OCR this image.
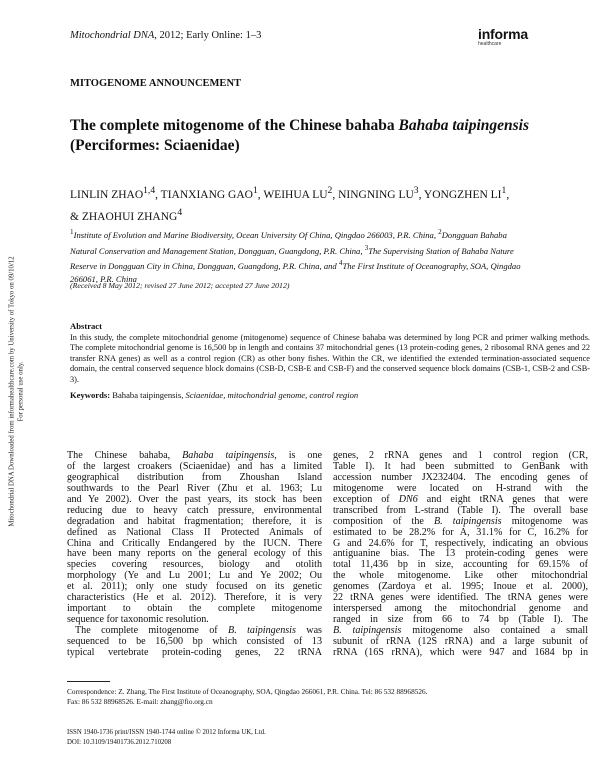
Mitochondrial DNA Downloaded from informahealthcare.com by University of Tokyo on 09/10/12 For personal use only.
Mitochondrial DNA, 2012; Early Online: 1–3	informa
healthcare
MITOGENOME ANNOUNCEMENT
The complete mitogenome of the Chinese bahaba Bahaba taipingensis
(Perciformes: Sciaenidae)
LINLIN ZHAO$^{1,4}$, TIANXIANG GAO$^1$, WEIHUA $LU^2$, NINGNING $LU^3$, YONGZHEN $LI^1$,
& ZHAOHUI ZHANG$^4$
$^1$Institute of Evolution and Marine Biodiversity, Ocean University Of China, Qingdao 266003, P.R. China, $^2$Dongguan Bahaba Natural Conservation and Management Station, Dongguan, Guangdong, P.R. China, $^3$The Supervising Station of Bahaba Nature Reserve in Dongguan City in China, Dongguan, Guangdong, P.R. China, and $^4$The First Institute of Oceanography, SOA, Qingdao 266061, P.R. China
(Received 8 May 2012; revised 27 June 2012; accepted 27 June 2012)
Abstract
In this study, the complete mitochondrial genome (mitogenome) sequence of Chinese bahaba was determined by long PCR and primer walking methods. The complete mitochondrial genome is 16,500 bp in length and contains 37 mitochondrial genes (13 protein-coding genes, 2 ribosomal RNA genes and 22 transfer RNA genes) as well as a control region (CR) as other bony fishes. Within the CR, we identified the extended termination-associated sequence domain, the central conserved sequence block domains (CSB-D, CSB-E and CSB-F) and the conserved sequence block domains (CSB-1, CSB-2 and CSB-3).
Keywords: Bahaba taipingensis, Sciaenidae, mitochondrial genome, control region
The Chinese bahaba, Bahaba taipingensis, is one
of the largest croakers (Sciaenidae) and has a limited
geographical distribution from Zhoushan Island
southwards to the Pearl River (Zhu et al. 1963; Lu
and Ye 2002). Over the past years, its stock has been
reducing due to heavy catch pressure, environmental
degradation and habitat fragmentation; therefore, it is
defined as National Class II Protected Animals of
China and Critically Endangered by the IUCN. There
have been many reports on the general ecology of this
species covering resources, biology and otolith
morphology (Ye and Lu 2001; Lu and Ye 2002; Ou
et al. 2011); only one study focused on its genetic
characteristics (He et al. 2012). Therefore, it is very
important to obtain the complete mitogenome
sequence for taxonomic resolution.
The complete mitogenome of B. taipingensis was
sequenced to be 16,500 bp which consisted of 13
typical vertebrate protein-coding genes, 22 tRNA
genes, 2 rRNA genes and 1 control region (CR,
Table I). It had been submitted to GenBank with
accession number JX232404. The encoding genes of
mitogenome were located on H-strand with the
exception of DN6 and eight tRNA genes that were
transcribed from L-strand (Table I). The overall base
composition of the B. taipingensis mitogenome was
estimated to be 28.2% for A, 31.1% for C, 16.2% for
G and 24.6% for T, respectively, indicating an obvious
antiguanine bias. The 13 protein-coding genes were
total 11,436 bp in size, accounting for 69.15% of
the whole mitogenome. Like other mitochondrial
genomes (Zardoya et al. 1995; Inoue et al. 2000),
22 tRNA genes were identified. The tRNA genes were
interspersed among the mitochondrial genome and
ranged in size from 66 to 74 bp (Table I). The
B. taipingensis mitogenome also contained a small
subunit of rRNA (12S rRNA) and a large subunit of
rRNA (16S rRNA), which were 947 and 1684 bp in
Correspondence: Z. Zhang, The First Institute of Oceanography, SOA, Qingdao 266061, P.R. China. Tel: 86 532 88968526.
Fax: 86 532 88968526. E-mail: zhang@fio.org.cn
ISSN 1940-1736 print/ISSN 1940-1744 online © 2012 Informa UK, Ltd.
DOI: 10.3109/19401736.2012.710208
